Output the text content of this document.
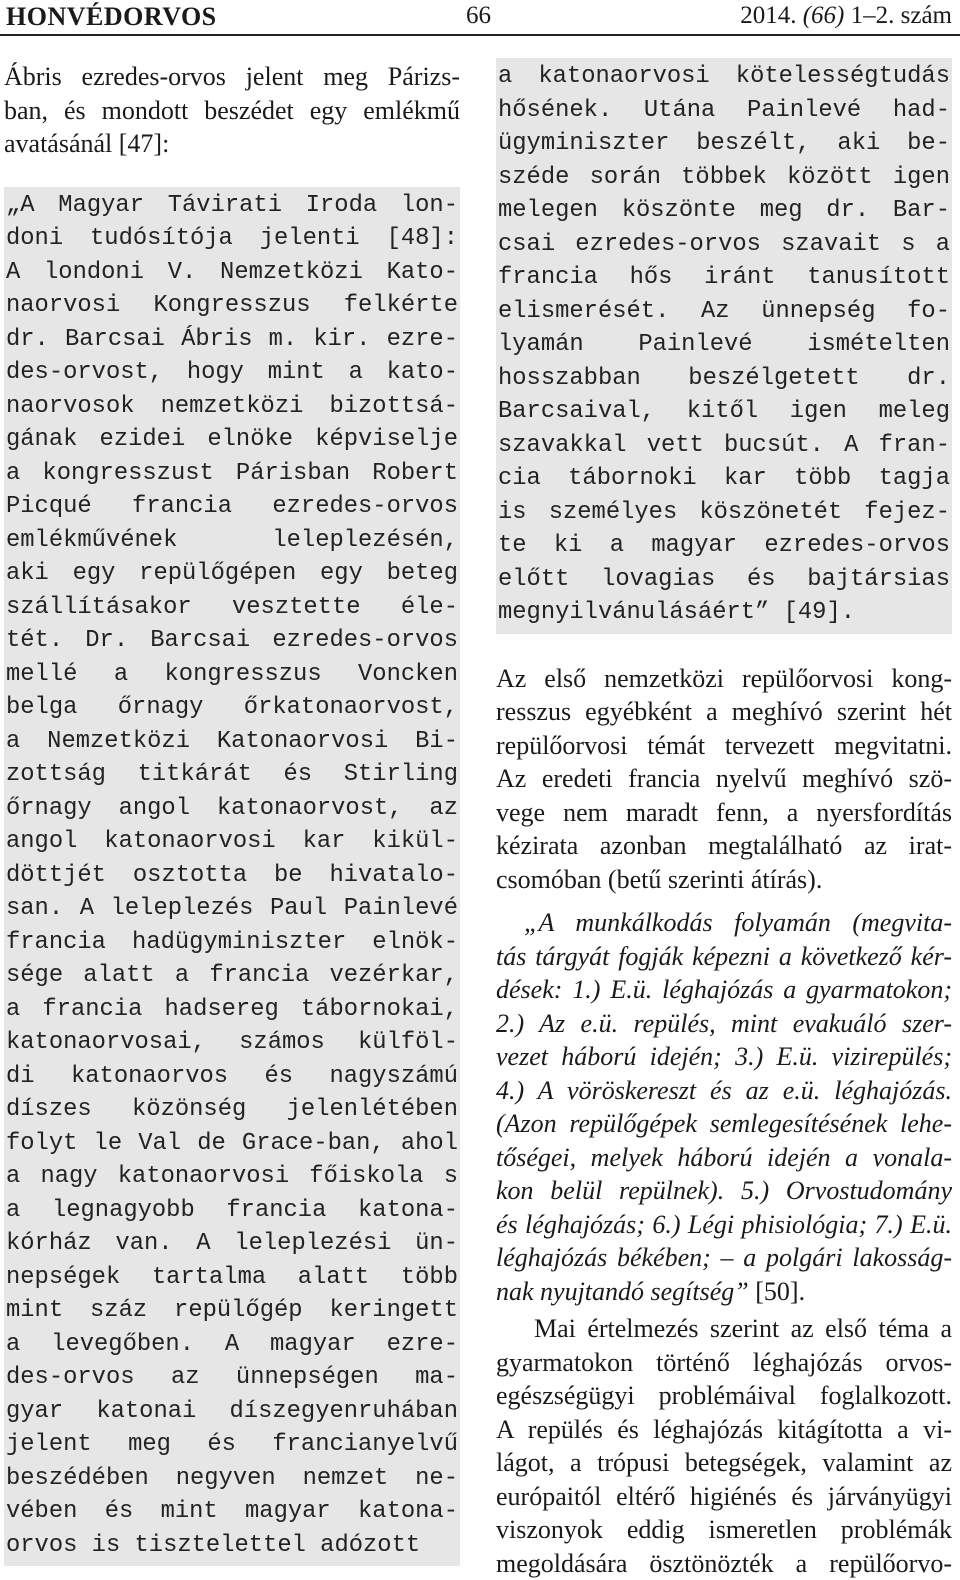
HONVÉDORVOS	66	2014. (66) 1–2. szám
Ábris ezredes-orvos jelent meg Párizs-
ban, és mondott beszédet egy emlékmű
avatásánál [47]:
„A Magyar Távirati Iroda lon-
doni tudósítója jelenti [48]:
A londoni V. Nemzetközi Kato-
naorvosi Kongresszus felkérte
dr. Barcsai Ábris m. kir. ezre-
des-orvost, hogy mint a kato-
naorvosok nemzetközi bizottsá-
gának ezidei elnöke képviselje
a kongresszust Párisban Robert
Picqué francia ezredes-orvos
emlékművének leleplezésén,
aki egy repülőgépen egy beteg
szállításakor vesztette éle-
tét. Dr. Barcsai ezredes-orvos
mellé a kongresszus Voncken
belga őrnagy őrkatonaorvost,
a Nemzetközi Katonaorvosi Bi-
zottság titkárát és Stirling
őrnagy angol katonaorvost, az
angol katonaorvosi kar kikül-
döttjét osztotta be hivatalo-
san. A leleplezés Paul Painlevé
francia hadügyminiszter elnök-
sége alatt a francia vezérkar,
a francia hadsereg tábornokai,
katonaorvosai, számos külföl-
di katonaorvos és nagyszámú
díszes közönség jelenlétében
folyt le Val de Grace-ban, ahol
a nagy katonaorvosi főiskola s
a legnagyobb francia katona-
kórház van. A leleplezési ün-
nepségek tartalma alatt több
mint száz repülőgép keringett
a levegőben. A magyar ezre-
des-orvos az ünnepségen ma-
gyar katonai díszegyenruhában
jelent meg és francianyelvű
beszédében negyven nemzet ne-
vében és mint magyar katona-
orvos is tisztelettel adózott
a katonaorvosi kötelességtudás
hősének. Utána Painlevé had-
ügyminiszter beszélt, aki be-
széde során többek között igen
melegen köszönte meg dr. Bar-
csai ezredes-orvos szavait s a
francia hős iránt tanusított
elismerését. Az ünnepség fo-
lyamán Painlevé ismételten
hosszabban beszélgetett dr.
Barcsaival, kitől igen meleg
szavakkal vett bucsút. A fran-
cia tábornoki kar több tagja
is személyes köszönetét fejez-
te ki a magyar ezredes-orvos
előtt lovagias és bajtársias
megnyilvánulásáért” [49].
Az első nemzetközi repülőorvosi kong-
resszus egyébként a meghívó szerint hét
repülőorvosi témát tervezett megvitatni.
Az eredeti francia nyelvű meghívó szö-
vege nem maradt fenn, a nyersfordítás
kézirata azonban megtalálható az irat-
csomóban (betű szerinti átírás).
„A munkálkodás folyamán (megvita-
tás tárgyát fogják képezni a következő kér-
dések: 1.) E.ü. léghajózás a gyarmatokon;
2.) Az e.ü. repülés, mint evakuáló szer-
vezet háború idején; 3.) E.ü. vizirepülés;
4.) A vöröskereszt és az e.ü. léghajózás.
(Azon repülőgépek semlegesítésének lehe-
tőségei, melyek háború idején a vonala-
kon belül repülnek). 5.) Orvostudomány
és léghajózás; 6.) Légi phisiológia; 7.) E.ü.
léghajózás békében; – a polgári lakosság-
nak nyujtandó segítség” [50].
Mai értelmezés szerint az első téma a
gyarmatokon történő léghajózás orvos-
egészségügyi problémáival foglalkozott.
A repülés és léghajózás kitágította a vi-
lágot, a trópusi betegségek, valamint az
európaitól eltérő higiénés és járványügyi
viszonyok eddig ismeretlen problémák
megoldására ösztönözték a repülőorvo-
